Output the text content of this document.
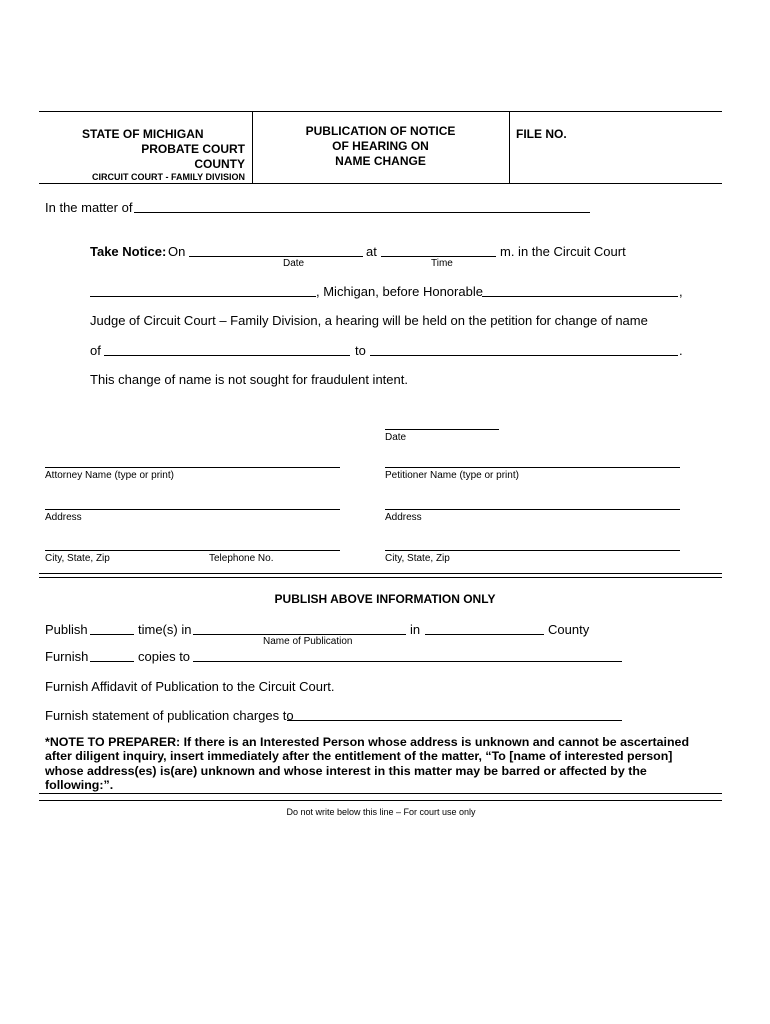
STATE OF MICHIGAN
PROBATE COURT
COUNTY
CIRCUIT COURT - FAMILY DIVISION
PUBLICATION OF NOTICE
OF HEARING ON
NAME CHANGE
FILE NO.
In the matter of
Take Notice: On	at	m. in the Circuit Court
Date	Time
, Michigan, before Honorable	,
Judge of Circuit Court – Family Division, a hearing will be held on the petition for change of name
of	to	.
This change of name is not sought for fraudulent intent.
Date
Attorney Name (type or print)	Petitioner Name (type or print)
Address	Address
City, State, Zip	Telephone No.	City, State, Zip
PUBLISH ABOVE INFORMATION ONLY
Publish	time(s) in	in	County
Name of Publication
Furnish	copies to
Furnish Affidavit of Publication to the Circuit Court.
Furnish statement of publication charges to
*NOTE TO PREPARER: If there is an Interested Person whose address is unknown and cannot be ascertained after diligent inquiry, insert immediately after the entitlement of the matter, “To [name of interested person] whose address(es) is(are) unknown and whose interest in this matter may be barred or affected by the following:”.
Do not write below this line – For court use only
